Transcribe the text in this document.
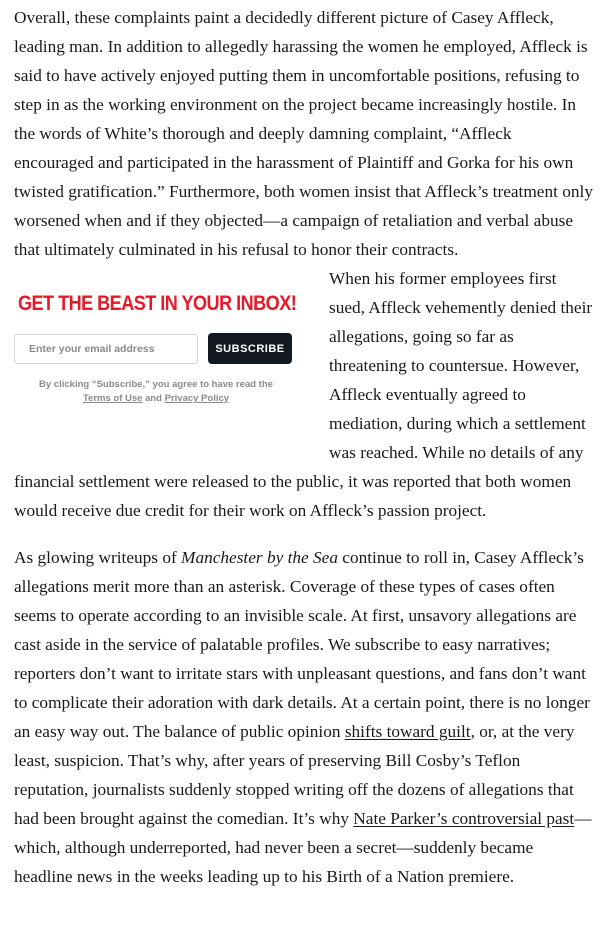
Overall, these complaints paint a decidedly different picture of Casey Affleck, leading man. In addition to allegedly harassing the women he employed, Affleck is said to have actively enjoyed putting them in uncomfortable positions, refusing to step in as the working environment on the project became increasingly hostile. In the words of White’s thorough and deeply damning complaint, “Affleck encouraged and participated in the harassment of Plaintiff and Gorka for his own twisted gratification.” Furthermore, both women insist that Affleck’s treatment only worsened when and if they objected—a campaign of retaliation and verbal abuse that ultimately culminated in his refusal to honor their contracts.

GET THE BEAST IN YOUR INBOX!
Enter your email address
SUBSCRIBE
By clicking “Subscribe,” you agree to have read the
Terms of Use and Privacy Policy

When his former employees first sued, Affleck vehemently denied their allegations, going so far as threatening to countersue. However, Affleck eventually agreed to mediation, during which a settlement was reached. While no details of any financial settlement were released to the public, it was reported that both women would receive due credit for their work on Affleck’s passion project.

As glowing writeups of Manchester by the Sea continue to roll in, Casey Affleck’s allegations merit more than an asterisk. Coverage of these types of cases often seems to operate according to an invisible scale. At first, unsavory allegations are cast aside in the service of palatable profiles. We subscribe to easy narratives; reporters don’t want to irritate stars with unpleasant questions, and fans don’t want to complicate their adoration with dark details. At a certain point, there is no longer an easy way out. The balance of public opinion shifts toward guilt, or, at the very least, suspicion. That’s why, after years of preserving Bill Cosby’s Teflon reputation, journalists suddenly stopped writing off the dozens of allegations that had been brought against the comedian. It’s why Nate Parker’s controversial past—which, although underreported, had never been a secret—suddenly became headline news in the weeks leading up to his Birth of a Nation premiere.
